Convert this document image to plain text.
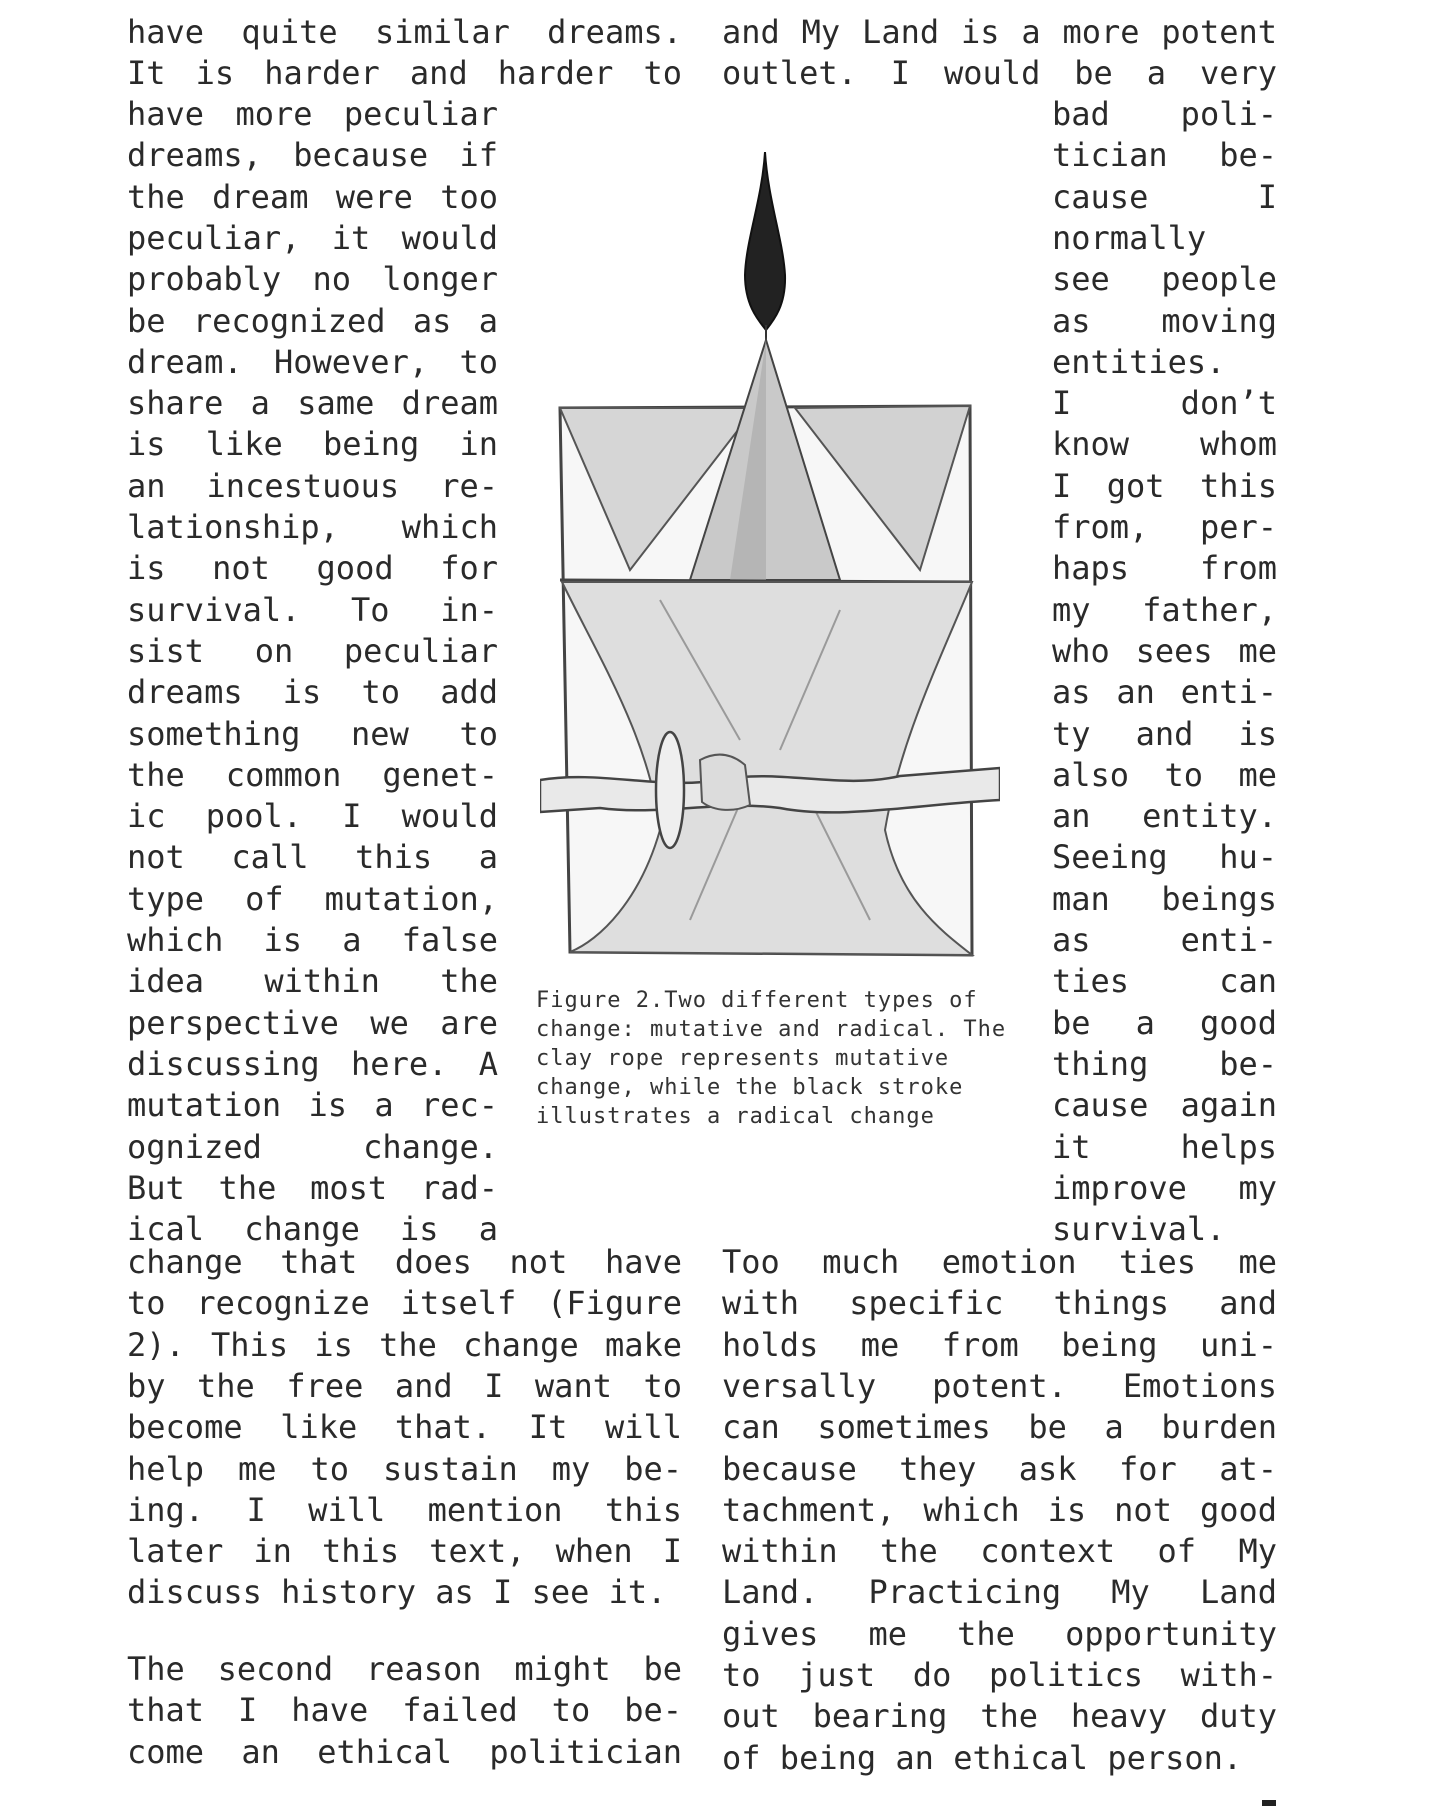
have quite similar dreams.
It is harder and harder to
have more peculiar
dreams, because if
the dream were too
peculiar, it would
probably no longer
be recognized as a
dream. However, to
share a same dream
is like being in
an incestuous re-
lationship, which
is not good for
survival. To in-
sist on peculiar
dreams is to add
something new to
the common genet-
ic pool. I would
not call this a
type of mutation,
which is a false
idea within the
perspective we are
discussing here. A
mutation is a rec-
ognized change.
But the most rad-
ical change is a
change that does not have
to recognize itself (Figure
2). This is the change make
by the free and I want to
become like that. It will
help me to sustain my be-
ing. I will mention this
later in this text, when I
discuss history as I see it.
The second reason might be
that I have failed to be-
come an ethical politician
and My Land is a more potent
outlet. I would be a very
bad poli-
tician be-
cause I
normally
see people
as moving
entities.
I don’t
know whom
I got this
from, per-
haps from
my father,
who sees me
as an enti-
ty and is
also to me
an entity.
Seeing hu-
man beings
as enti-
ties can
be a good
thing be-
cause again
it helps
improve my
survival.
Too much emotion ties me
with specific things and
holds me from being uni-
versally potent. Emotions
can sometimes be a burden
because they ask for at-
tachment, which is not good
within the context of My
Land. Practicing My Land
gives me the opportunity
to just do politics with-
out bearing the heavy duty
of being an ethical person.
Figure 2.Two different types of
change: mutative and radical. The
clay rope represents mutative
change, while the black stroke
illustrates a radical change
